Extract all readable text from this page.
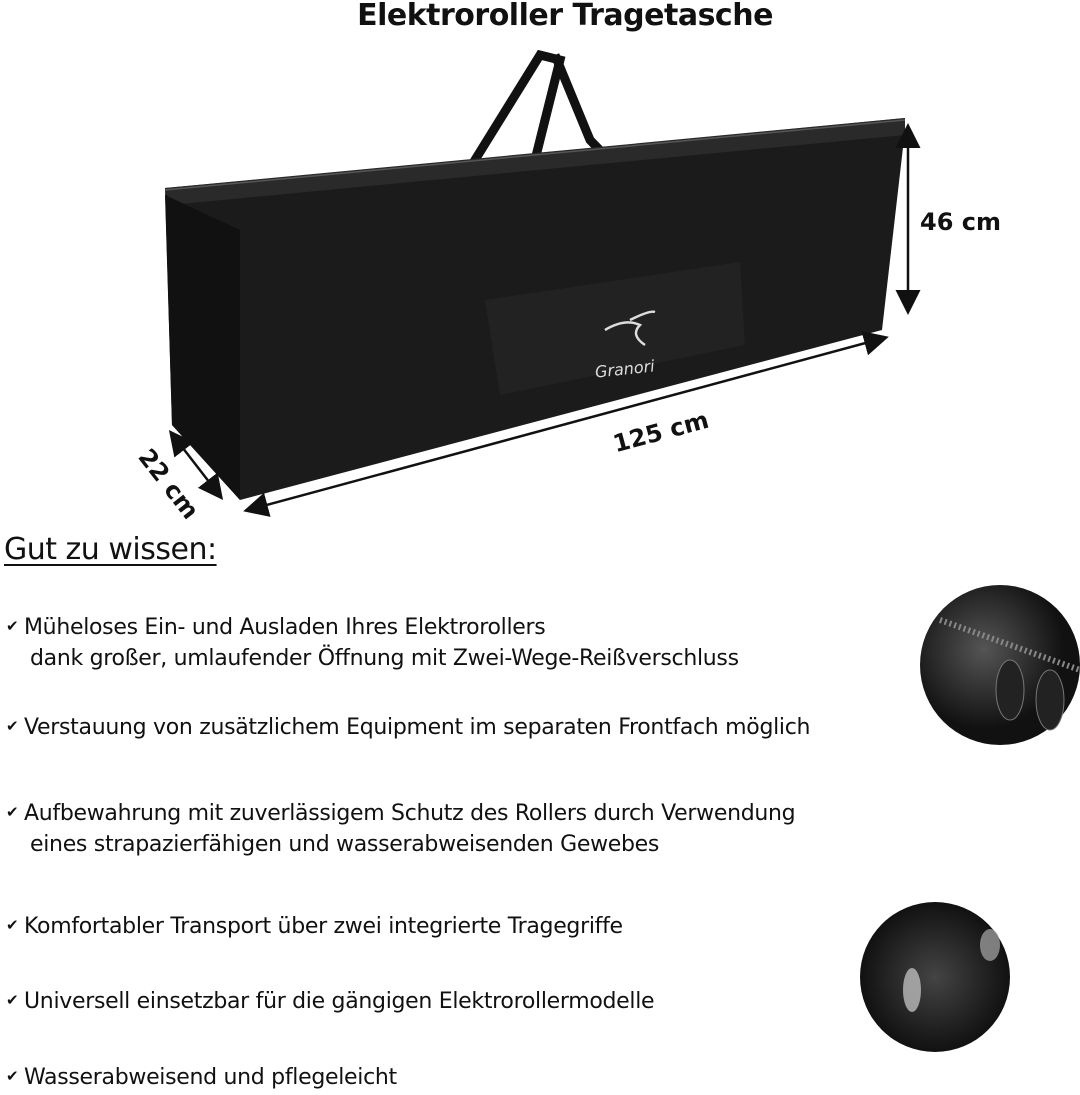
Elektroroller Tragetasche
Granori
46 cm
125 cm
22 cm
Gut zu wissen:
✔ Müheloses Ein- und Ausladen Ihres Elektrorollers
dank großer, umlaufender Öffnung mit Zwei-Wege-Reißverschluss
✔ Verstauung von zusätzlichem Equipment im separaten Frontfach möglich
✔ Aufbewahrung mit zuverlässigem Schutz des Rollers durch Verwendung
eines strapazierfähigen und wasserabweisenden Gewebes
✔ Komfortabler Transport über zwei integrierte Tragegriffe
✔ Universell einsetzbar für die gängigen Elektrorollermodelle
✔ Wasserabweisend und pflegeleicht
